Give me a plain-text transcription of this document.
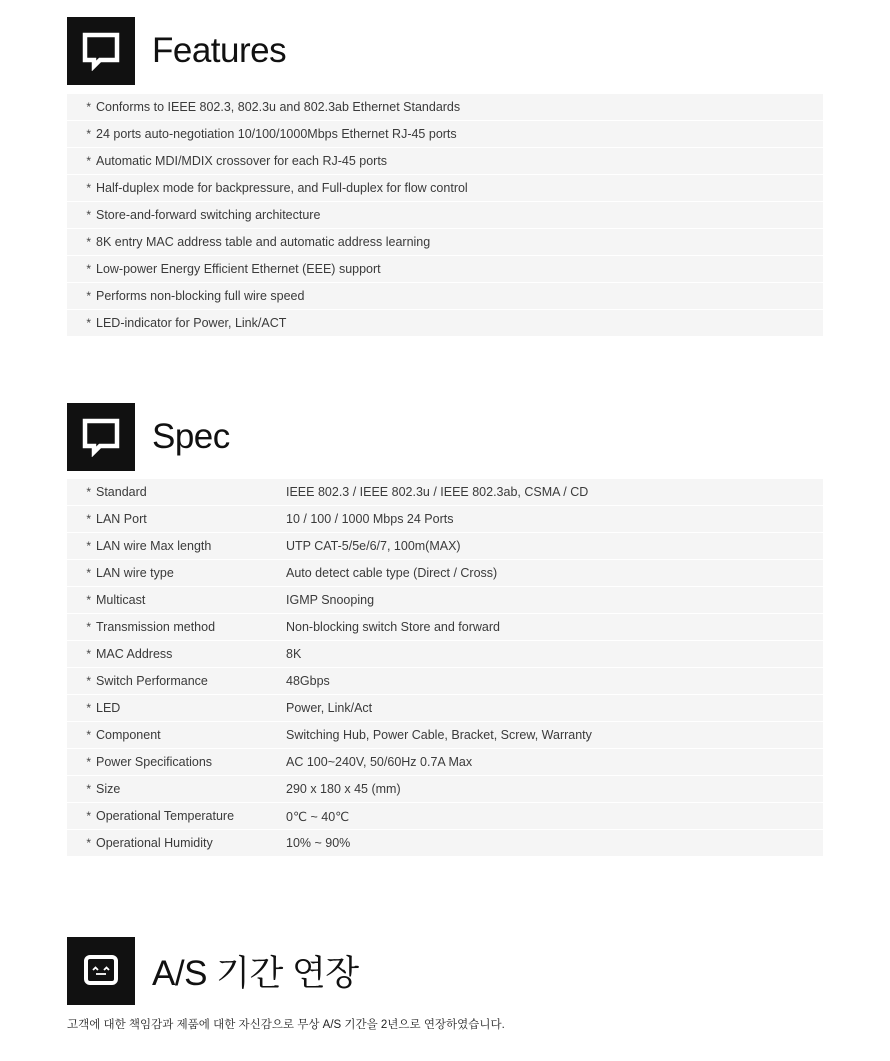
Features
* Conforms to IEEE 802.3, 802.3u and 802.3ab Ethernet Standards
* 24 ports auto-negotiation 10/100/1000Mbps Ethernet RJ-45 ports
* Automatic MDI/MDIX crossover for each RJ-45 ports
* Half-duplex mode for backpressure, and Full-duplex for flow control
* Store-and-forward switching architecture
* 8K entry MAC address table and automatic address learning
* Low-power Energy Efficient Ethernet (EEE) support
* Performs non-blocking full wire speed
* LED-indicator for Power, Link/ACT
Spec
* Standard	IEEE 802.3 / IEEE 802.3u / IEEE 802.3ab, CSMA / CD
* LAN Port	10 / 100 / 1000 Mbps 24 Ports
* LAN wire Max length	UTP CAT-5/5e/6/7, 100m(MAX)
* LAN wire type	Auto detect cable type (Direct / Cross)
* Multicast	IGMP Snooping
* Transmission method	Non-blocking switch Store and forward
* MAC Address	8K
* Switch Performance	48Gbps
* LED	Power, Link/Act
* Component	Switching Hub, Power Cable, Bracket, Screw, Warranty
* Power Specifications	AC 100~240V, 50/60Hz 0.7A Max
* Size	290 x 180 x 45 (mm)
* Operational Temperature	0℃ ~ 40℃
* Operational Humidity	10% ~ 90%
A/S 기간 연장
고객에 대한 책임감과 제품에 대한 자신감으로 무상 A/S 기간을 2년으로 연장하였습니다.
